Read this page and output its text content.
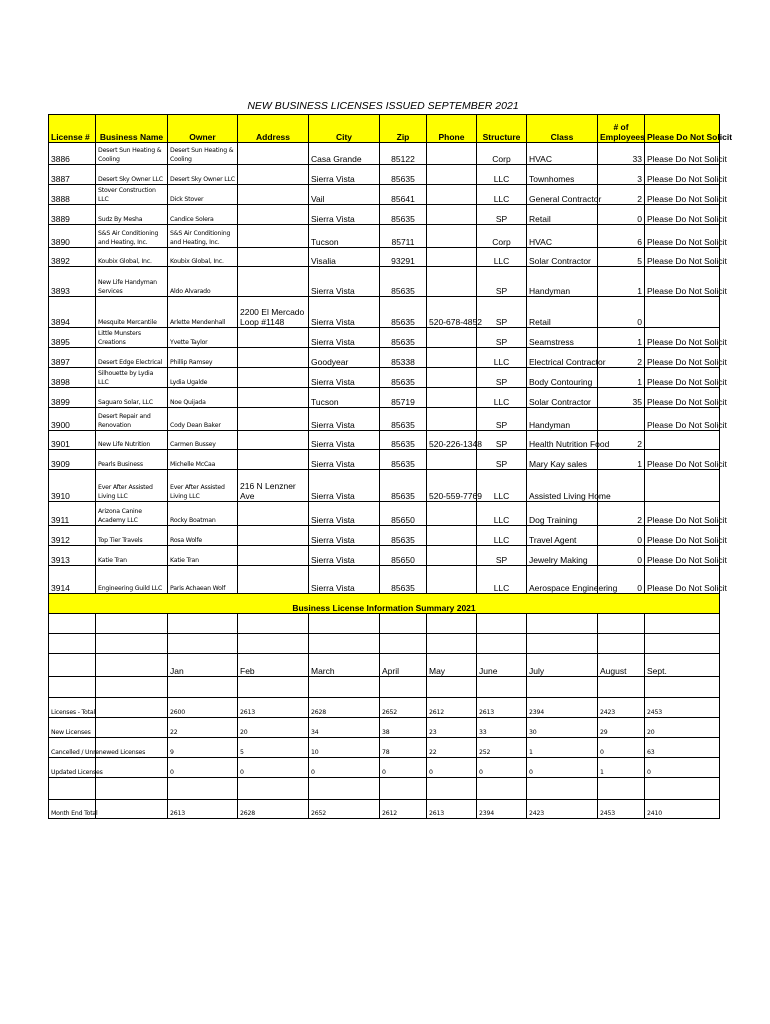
NEW BUSINESS LICENSES ISSUED SEPTEMBER 2021
License #	Business Name	Owner	Address	City	Zip	Phone	Structure	Class	# of Employees	Please Do Not Solicit
3886	Desert Sun Heating & Cooling	Desert Sun Heating & Cooling		Casa Grande	85122		Corp	HVAC	33	Please Do Not Solicit
3887	Desert Sky Owner LLC	Desert Sky Owner LLC		Sierra Vista	85635		LLC	Townhomes	3	Please Do Not Solicit
3888	Stover Construction LLC	Dick Stover		Vail	85641		LLC	General Contractor	2	Please Do Not Solicit
3889	Sudz By Mesha	Candice Solera		Sierra Vista	85635		SP	Retail	0	Please Do Not Solicit
3890	S&S Air Conditioning and Heating, Inc.	S&S Air Conditioning and Heating, Inc.		Tucson	85711		Corp	HVAC	6	Please Do Not Solicit
3892	Koubix Global, Inc.	Koubix Global, Inc.		Visalia	93291		LLC	Solar Contractor	5	Please Do Not Solicit
3893	New Life Handyman Services	Aldo Alvarado		Sierra Vista	85635		SP	Handyman	1	Please Do Not Solicit
3894	Mesquite Mercantile	Arlette Mendenhall	2200 El Mercado Loop #1148	Sierra Vista	85635	520-678-4852	SP	Retail	0	
3895	Little Munsters Creations	Yvette Taylor		Sierra Vista	85635		SP	Seamstress	1	Please Do Not Solicit
3897	Desert Edge Electrical	Phillip Ramsey		Goodyear	85338		LLC	Electrical Contractor	2	Please Do Not Solicit
3898	Silhouette by Lydia LLC	Lydia Ugalde		Sierra Vista	85635		SP	Body Contouring	1	Please Do Not Solicit
3899	Saguaro Solar, LLC	Noe Quijada		Tucson	85719		LLC	Solar Contractor	35	Please Do Not Solicit
3900	Desert Repair and Renovation	Cody Dean Baker		Sierra Vista	85635		SP	Handyman		Please Do Not Solicit
3901	New Life Nutrition	Carmen Bussey		Sierra Vista	85635	520-226-1348	SP	Health Nutrition Food	2	
3909	Pearls Business	Michelle McCaa		Sierra Vista	85635		SP	Mary Kay sales	1	Please Do Not Solicit
3910	Ever After Assisted Living LLC	Ever After Assisted Living LLC	216 N Lenzner Ave	Sierra Vista	85635	520-559-7769	LLC	Assisted Living Home		
3911	Arizona Canine Academy LLC	Rocky Boatman		Sierra Vista	85650		LLC	Dog Training	2	Please Do Not Solicit
3912	Top Tier Travels	Rosa Wolfe		Sierra Vista	85635		LLC	Travel Agent	0	Please Do Not Solicit
3913	Katie Tran	Katie Tran		Sierra Vista	85650		SP	Jewelry Making	0	Please Do Not Solicit
3914	Engineering Guild LLC	Paris Achaean Wolf		Sierra Vista	85635		LLC	Aerospace Engineering	0	Please Do Not Solicit
Business License Information Summary 2021										

		Jan	Feb	March	April	May	June	July	August	Sept.

Licenses - Total		2600	2613	2628	2652	2612	2613	2394	2423	2453
New Licenses		22	20	34	38	23	33	30	29	20
Cancelled / Unrenewed Licenses		9	5	10	78	22	252	1	0	63
Updated Licenses		0	0	0	0	0	0	0	1	0

Month End Total		2613	2628	2652	2612	2613	2394	2423	2453	2410
